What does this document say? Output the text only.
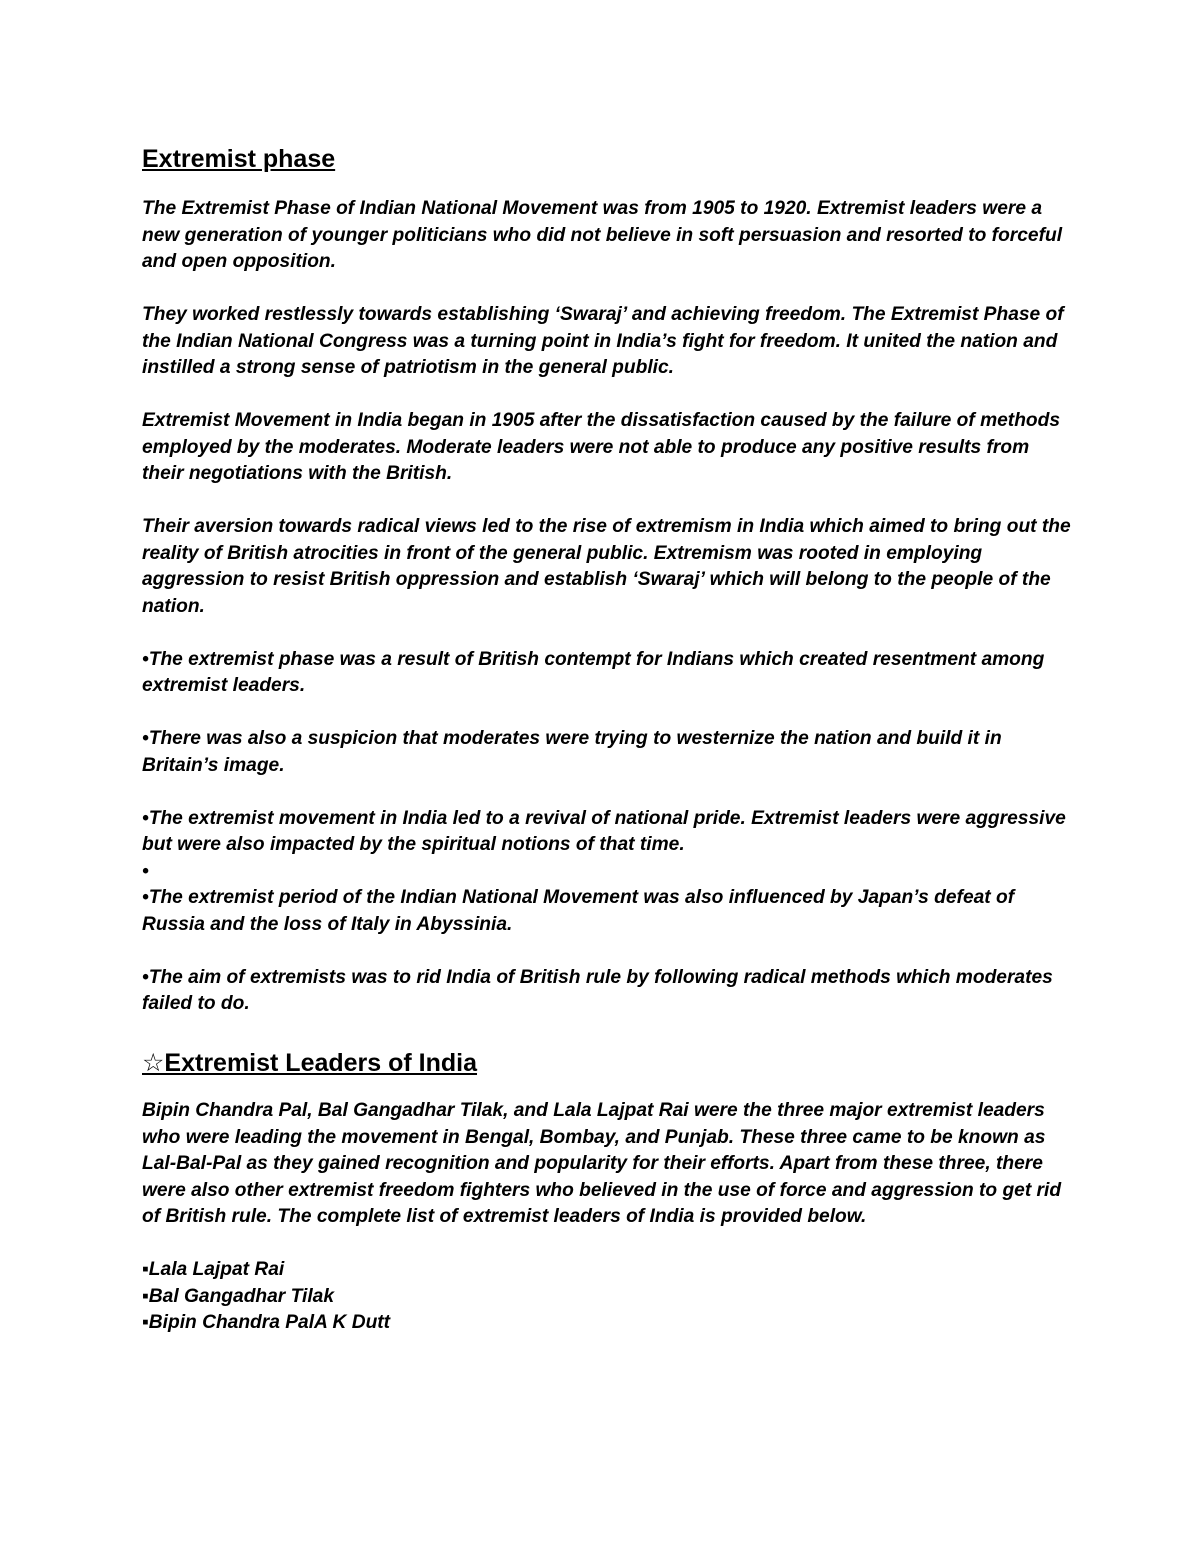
Extremist phase

The Extremist Phase of Indian National Movement was from 1905 to 1920. Extremist leaders were a new generation of younger politicians who did not believe in soft persuasion and resorted to forceful and open opposition.

They worked restlessly towards establishing ‘Swaraj’ and achieving freedom. The Extremist Phase of the Indian National Congress was a turning point in India’s fight for freedom. It united the nation and instilled a strong sense of patriotism in the general public.

Extremist Movement in India began in 1905 after the dissatisfaction caused by the failure of methods employed by the moderates. Moderate leaders were not able to produce any positive results from their negotiations with the British.

Their aversion towards radical views led to the rise of extremism in India which aimed to bring out the reality of British atrocities in front of the general public. Extremism was rooted in employing aggression to resist British oppression and establish ‘Swaraj’ which will belong to the people of the nation.

•The extremist phase was a result of British contempt for Indians which created resentment among extremist leaders.

•There was also a suspicion that moderates were trying to westernize the nation and build it in Britain’s image.

•The extremist movement in India led to a revival of national pride. Extremist leaders were aggressive but were also impacted by the spiritual notions of that time.

•

•The extremist period of the Indian National Movement was also influenced by Japan’s defeat of Russia and the loss of Italy in Abyssinia.

•The aim of extremists was to rid India of British rule by following radical methods which moderates failed to do.

☆Extremist Leaders of India

Bipin Chandra Pal, Bal Gangadhar Tilak, and Lala Lajpat Rai were the three major extremist leaders who were leading the movement in Bengal, Bombay, and Punjab. These three came to be known as Lal-Bal-Pal as they gained recognition and popularity for their efforts. Apart from these three, there were also other extremist freedom fighters who believed in the use of force and aggression to get rid of British rule. The complete list of extremist leaders of India is provided below.

▪Lala Lajpat Rai
▪Bal Gangadhar Tilak
▪Bipin Chandra PalA K Dutt
